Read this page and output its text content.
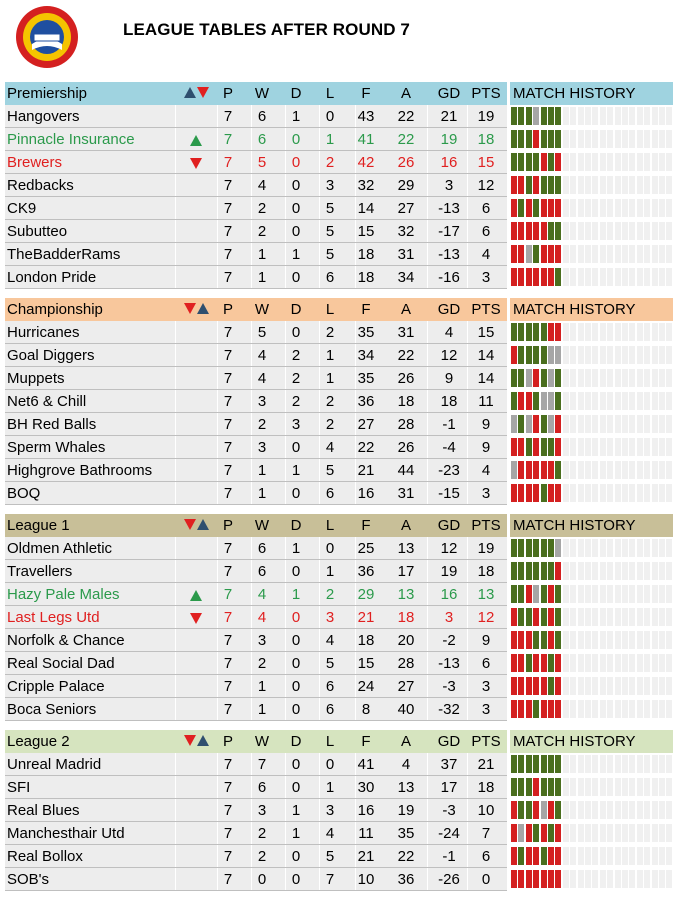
LEAGUE TABLES AFTER ROUND 7
Premiership	P	W	D	L	F	A	GD PTS MATCH HISTORY
Hangovers	7	6	1	0	43	22	21	19
Pinnacle Insurance	7	6	0	1	41	22	19	18
Brewers	7	5	0	2	42	26	16	15
Redbacks	7	4	0	3	32	29	3	12
CK9	7	2	0	5	14	27	-13	6
Subutteo	7	2	0	5	15	32	-17	6
TheBadderRams	7	1	1	5	18	31	-13	4
London Pride	7	1	0	6	18	34	-16	3
Championship	P	W	D	L	F	A	GD PTS MATCH HISTORY
Hurricanes	7	5	0	2	35	31	4	15
Goal Diggers	7	4	2	1	34	22	12	14
Muppets	7	4	2	1	35	26	9	14
Net6 & Chill	7	3	2	2	36	18	18	11
BH Red Balls	7	2	3	2	27	28	-1	9
Sperm Whales	7	3	0	4	22	26	-4	9
Highgrove Bathrooms	7	1	1	5	21	44	-23	4
BOQ	7	1	0	6	16	31	-15	3
League 1	P	W	D	L	F	A	GD PTS MATCH HISTORY
Oldmen Athletic	7	6	1	0	25	13	12	19
Travellers	7	6	0	1	36	17	19	18
Hazy Pale Males	7	4	1	2	29	13	16	13
Last Legs Utd	7	4	0	3	21	18	3	12
Norfolk & Chance	7	3	0	4	18	20	-2	9
Real Social Dad	7	2	0	5	15	28	-13	6
Cripple Palace	7	1	0	6	24	27	-3	3
Boca Seniors	7	1	0	6	8	40	-32	3
League 2	P	W	D	L	F	A	GD PTS MATCH HISTORY
Unreal Madrid	7	7	0	0	41	4	37	21
SFI	7	6	0	1	30	13	17	18
Real Blues	7	3	1	3	16	19	-3	10
Manchesthair Utd	7	2	1	4	11	35	-24	7
Real Bollox	7	2	0	5	21	22	-1	6
SOB's	7	0	0	7	10	36	-26	0
